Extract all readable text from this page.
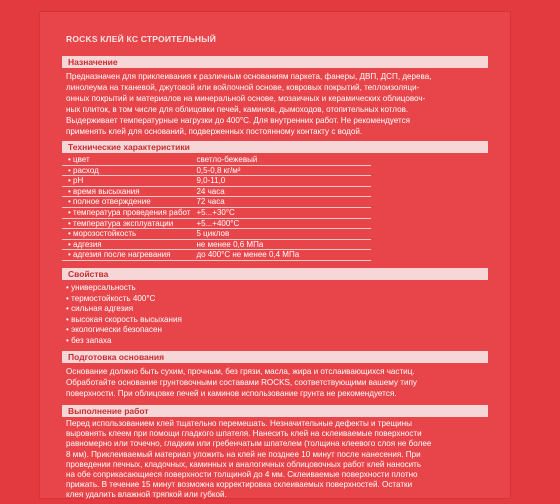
ROCKS КЛЕЙ КС СТРОИТЕЛЬНЫЙ
Назначение

Предназначен для приклеивания к различным основаниям паркета, фанеры, ДВП, ДСП, дерева,

линолеума на тканевой, джутовой или войлочной основе, ковровых покрытий, теплоизоляци-

онных покрытий и материалов на минеральной основе, мозаичных и керамических облицовоч-

ных плиток, в том числе для облицовки печей, каминов, дымоходов, отопительных котлов.

Выдерживает температурные нагрузки до 400°С. Для внутренних работ. Не рекомендуется

применять клей для оснований, подверженных постоянному контакту с водой.

Технические характеристики
• цвет	светло-бежевый
• расход	0,5-0,8 кг/м²
• pH	9,0-11,0
• время высыхания	24 часа
• полное отверждение	72 часа
• температура проведения работ	+5...+30°С
• температура эксплуатации	+5...+400°С
• морозостойкость	5 циклов
• адгезия	не менее 0,6 МПа
• адгезия после нагревания	до 400°С не менее 0,4 МПа
Свойства
• универсальность
• термостойкость 400°С
• сильная адгезия
• высокая скорость высыхания
• экологически безопасен
• без запаха
Подготовка основания

Основание должно быть сухим, прочным, без грязи, масла, жира и отслаивающихся частиц.

Обработайте основание грунтовочными составами ROCKS, соответствующими вашему типу

поверхности. При облицовке печей и каминов использование грунта не рекомендуется.

Выполнение работ

Перед использованием клей тщательно перемешать. Незначительные дефекты и трещины

выровнять клеем при помощи гладкого шпателя. Нанесить клей на склеиваемые поверхности

равномерно или точечно, гладким или гребенчатым шпателем (толщина клеевого слоя не более

8 мм). Приклеиваемый материал уложить на клей не позднее 10 минут после нанесения. При

проведении печных, кладочных, каминных и аналогичных облицовочных работ клей наносить

на обе соприкасающиеся поверхности толщиной до 4 мм. Склеиваемые поверхности плотно

прижать. В течение 15 минут возможна корректировка склеиваемых поверхностей. Остатки

клея удалить влажной тряпкой или губкой.
